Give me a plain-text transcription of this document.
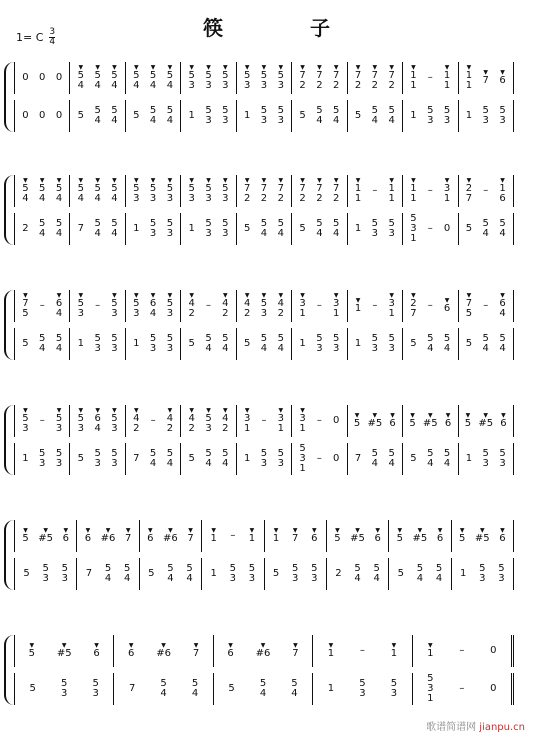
筷 子
1= C $\frac{3}{4}$
0 0 0
▼
5
4
▼
5
4
▼
5
4
▼
5
4
▼
5
4
▼
5
4
▼
5
3
▼
5
3
▼
5
3
▼
5
3
▼
5
3
▼
5
3
▼
7
2
▼
7
2
▼
7
2
▼
7
2
▼
7
2
▼
7
2
▼
1
1
–
▼
1
1
▼
1
1
▼
7
▼
6
0 0 0 5 5
4
5
4 5 5
4
5
4 1 5
3
5
3 1 5
3
5
3 5 5
4
5
4 5 5
4
5
4 1 5
3
5
3 1 5
3
5
3
▼
5
4
▼
5
4
▼
5
4
▼
5
4
▼
5
4
▼
5
4
▼
5
3
▼
5
3
▼
5
3
▼
5
3
▼
5
3
▼
5
3
▼
7
2
▼
7
2
▼
7
2
▼
7
2
▼
7
2
▼
7
2
▼
1
1
–
▼
1
1
▼
1
1
–
▼
3
1
▼
2
7
–
▼
1
6
2 5
4
5
4 7 5
4
5
4 1 5
3
5
3 1 5
3
5
3 5 5
4
5
4 5 5
4
5
4 1 5
3
5
3
5
3
1
– 0 5 5
4
5
4
▼
7
5
–
▼
6
4
▼
5
3
–
▼
5
3
▼
5
3
▼
6
4
▼
5
3
▼
4
2
–
▼
4
2
▼
4
2
▼
5
3
▼
4
2
▼
3
1
–
▼
3
1
▼
1 –
▼
3
1
▼
2
7
– ▼
6
▼
7
5
–
▼
6
4
5 5
4
5
4 1 5
3
5
3 1 5
3
5
3 5 5
4
5
4 5 5
4
5
4 1 5
3
5
3 1 5
3
5
3 5 5
4
5
4 5 5
4
5
4
▼
5
3
–
▼
5
3
▼
5
3
▼
6
4
▼
5
3
▼
4
2
–
▼
4
2
▼
4
2
▼
5
3
▼
4
2
▼
3
1
–
▼
3
1
▼
3
1
– 0	▼
5
▼
#5
▼
6
▼
5
▼
#5
▼
6
▼
5
▼
#5
▼
6
1 5
3
5
3 5 5
3
5
3 7 5
4
5
4 5 5
4
5
4 1 5
3
5
3
5
3
1
– 0 7 5
4
5
4 5 5
4
5
4 1 5
3
5
3
▼
5
▼
#5
▼
6
▼
6
▼
#6
▼
7
▼
6
▼
#6
▼
7
▼
1 – ▼
1
▼
1
▼
7
▼
6
▼
5
▼
#5
▼
6
▼
5
▼
#5
▼
6
▼
5
▼
#5
▼
6
5 5
3
5
3 7 5
4
5
4 5 5
4
5
4 1 5
3
5
3 5 5
3
5
3 2 5
4
5
4 5 5
4
5
4 1 5
3
5
3
▼
5
▼
#5
▼
6
▼
6
▼
#6
▼
7
▼
6
▼
#6
▼
7
▼
1	–	▼
1
▼
1	–	0
5	5
3
5
3	7	5
4
5
4	5	5
4
5
4	1	5
3
5
3
5
3
1
–	0
歌谱简谱网 jianpu.cn
